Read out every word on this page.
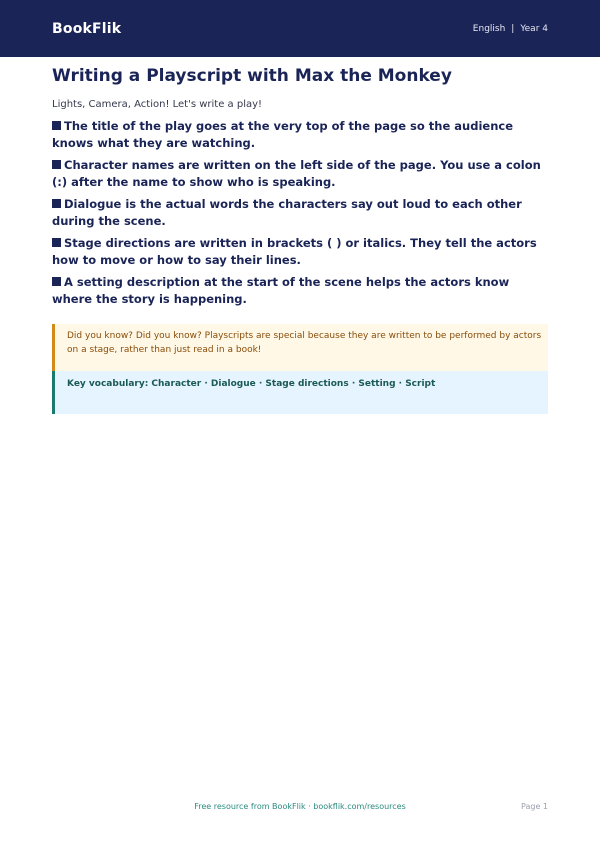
BookFlik	English | Year 4
Writing a Playscript with Max the Monkey

Lights, Camera, Action! Let's write a play!

The title of the play goes at the very top of the page so the audience knows what they are watching.
Character names are written on the left side of the page. You use a colon (:) after the name to show who is speaking.
Dialogue is the actual words the characters say out loud to each other during the scene.
Stage directions are written in brackets ( ) or italics. They tell the actors how to move or how to say their lines.
A setting description at the start of the scene helps the actors know where the story is happening.
Did you know? Did you know? Playscripts are special because they are written to be performed by actors on a stage, rather than just read in a book!
Key vocabulary: Character · Dialogue · Stage directions · Setting · Script
Free resource from BookFlik · bookflik.com/resources	Page 1
